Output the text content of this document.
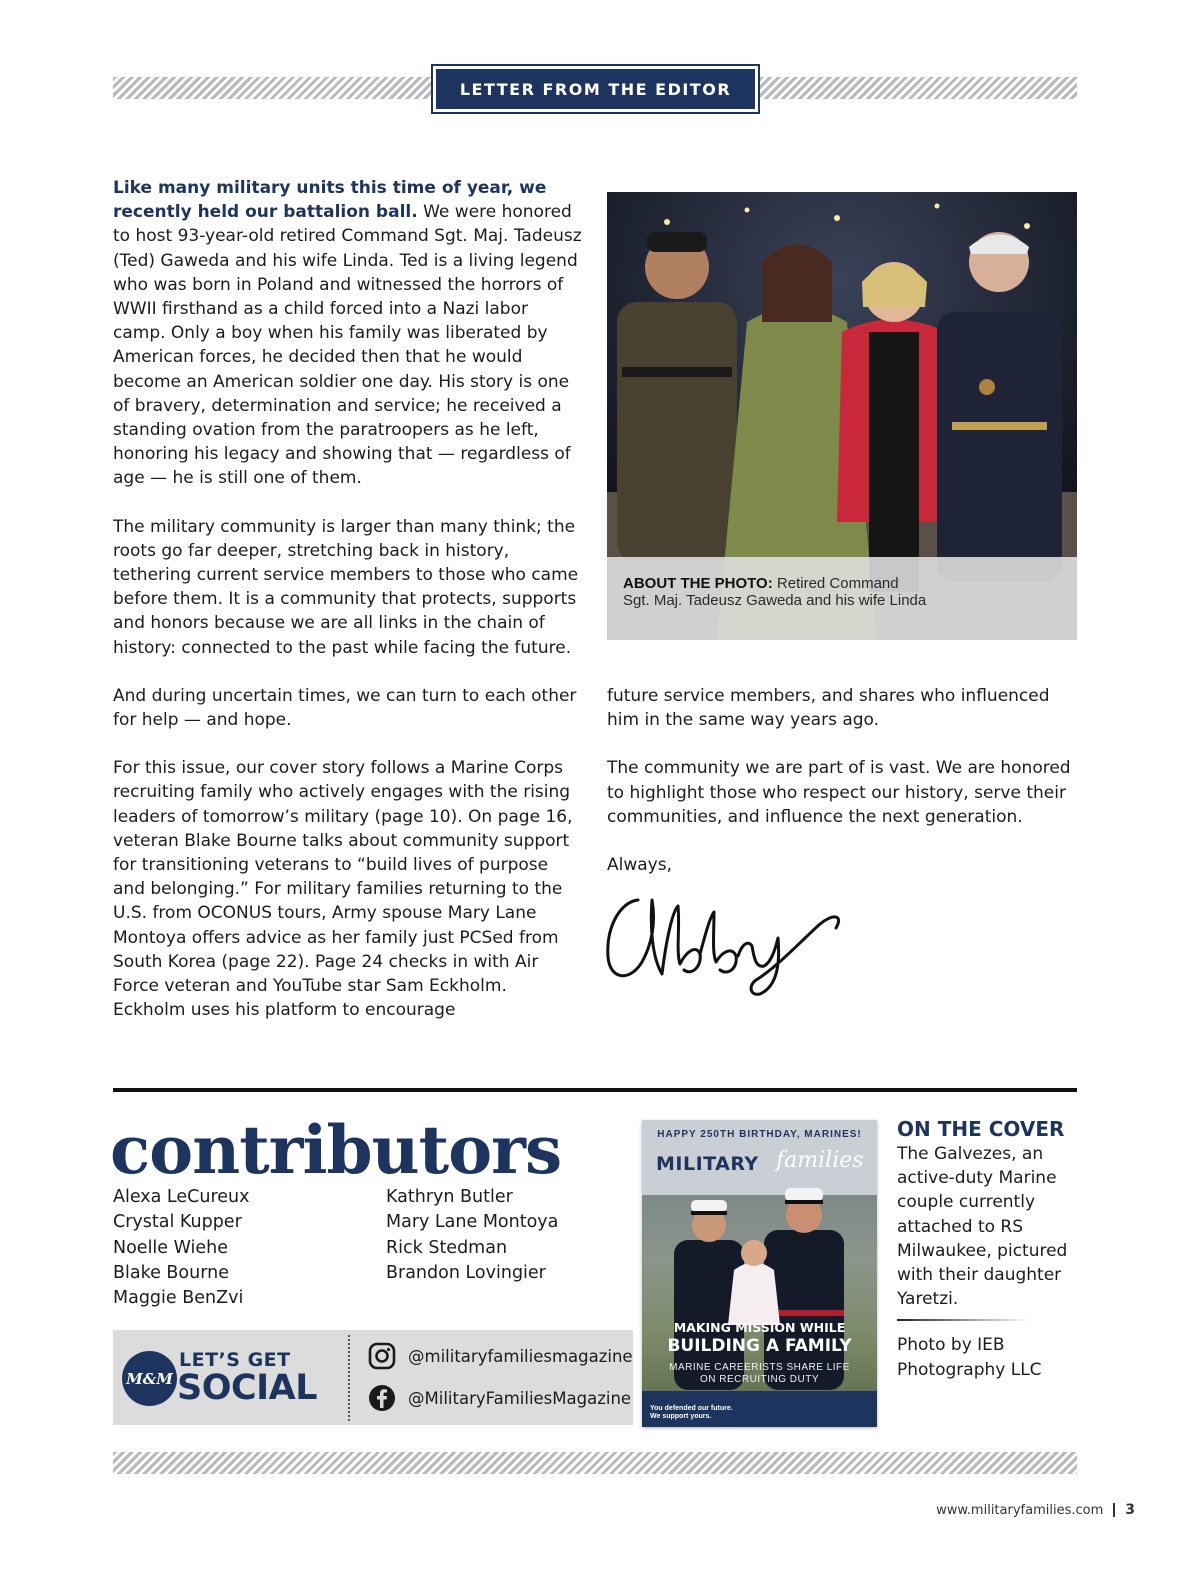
LETTER FROM THE EDITOR

Like many military units this time of year, we recently held our battalion ball. We were honored to host 93-year-old retired Command Sgt. Maj. Tadeusz (Ted) Gaweda and his wife Linda. Ted is a living legend who was born in Poland and witnessed the horrors of WWII firsthand as a child forced into a Nazi labor camp. Only a boy when his family was liberated by American forces, he decided then that he would become an American soldier one day. His story is one of bravery, determination and service; he received a standing ovation from the paratroopers as he left, honoring his legacy and showing that — regardless of age — he is still one of them.

The military community is larger than many think; the roots go far deeper, stretching back in history, tethering current service members to those who came before them. It is a community that protects, supports and honors because we are all links in the chain of history: connected to the past while facing the future.

And during uncertain times, we can turn to each other for help — and hope.

For this issue, our cover story follows a Marine Corps recruiting family who actively engages with the rising leaders of tomorrow’s military (page 10). On page 16, veteran Blake Bourne talks about community support for transitioning veterans to “build lives of purpose and belonging.” For military families returning to the U.S. from OCONUS tours, Army spouse Mary Lane Montoya offers advice as her family just PCSed from South Korea (page 22). Page 24 checks in with Air Force veteran and YouTube star Sam Eckholm. Eckholm uses his platform to encourage

ABOUT THE PHOTO: Retired Command
Sgt. Maj. Tadeusz Gaweda and his wife Linda

future service members, and shares who influenced him in the same way years ago.

The community we are part of is vast. We are honored to highlight those who respect our history, serve their communities, and influence the next generation.

Always,

contributors
Alexa LeCureux
Crystal Kupper
Noelle Wiehe
Blake Bourne
Maggie BenZvi
Kathryn Butler
Mary Lane Montoya
Rick Stedman
Brandon Lovingier
M&M
LET’S GET
SOCIAL
@militaryfamiliesmagazine
@MilitaryFamiliesMagazine
HAPPY 250TH BIRTHDAY, MARINES!
MILITARY families
MAKING MISSION WHILE
BUILDING A FAMILY
MARINE CAREERISTS SHARE LIFE
ON RECRUITING DUTY
You defended our future.
We support yours.
ON THE COVER
The Galvezes, an active-duty Marine couple currently attached to RS Milwaukee, pictured with their daughter Yaretzi.
Photo by IEB Photography LLC
www.militaryfamilies.com 3
